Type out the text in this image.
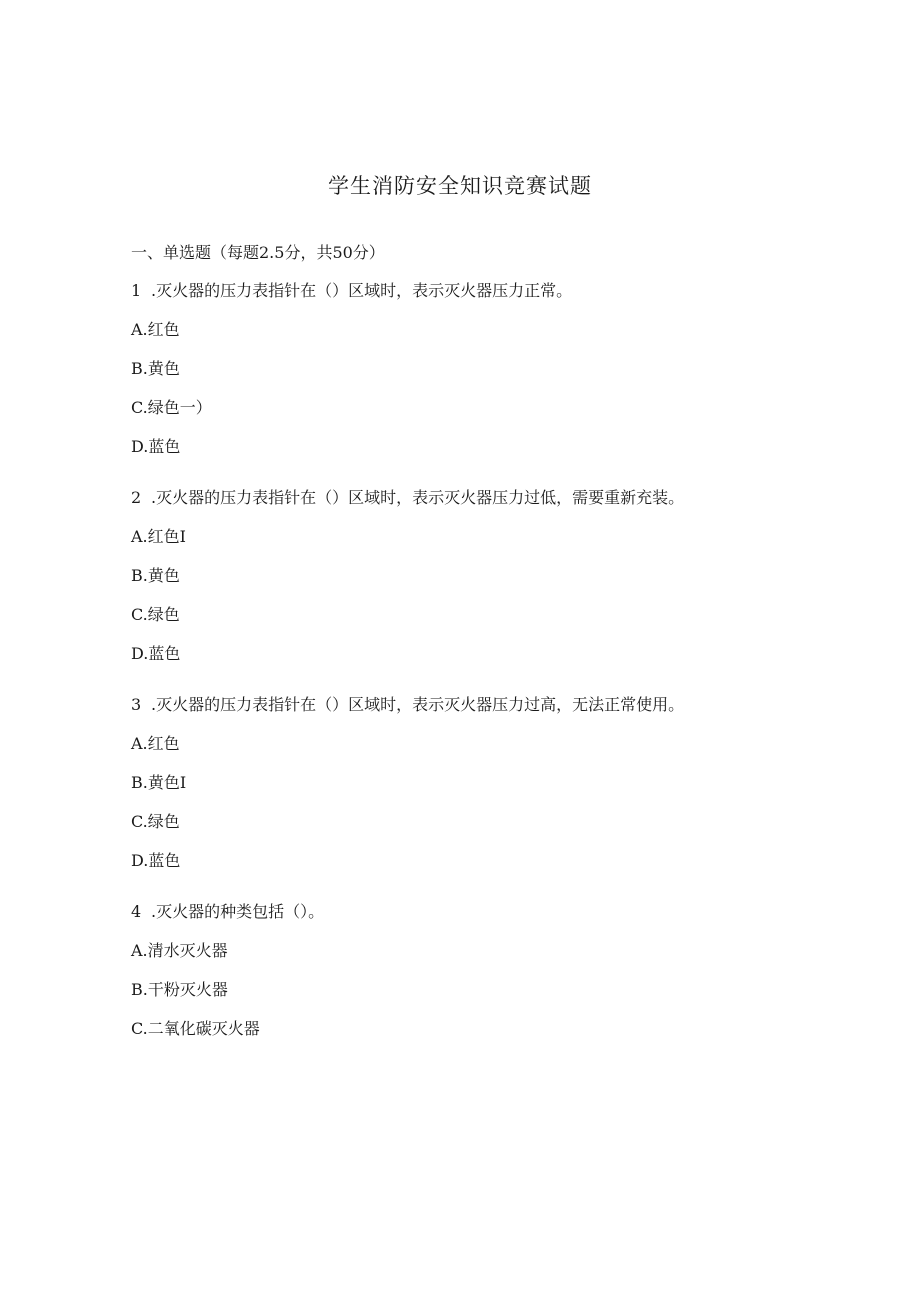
学生消防安全知识竞赛试题
一、单选题（每题2.5分，共50分）
1 .灭火器的压力表指针在（）区域时，表示灭火器压力正常。
A.红色
B.黄色
C.绿色一）
D.蓝色
2 .灭火器的压力表指针在（）区域时，表示灭火器压力过低，需要重新充装。
A.红色I
B.黄色
C.绿色
D.蓝色
3 .灭火器的压力表指针在（）区域时，表示灭火器压力过高，无法正常使用。
A.红色
B.黄色I
C.绿色
D.蓝色
4 .灭火器的种类包括（）。
A.清水灭火器
B.干粉灭火器
C.二氧化碳灭火器
